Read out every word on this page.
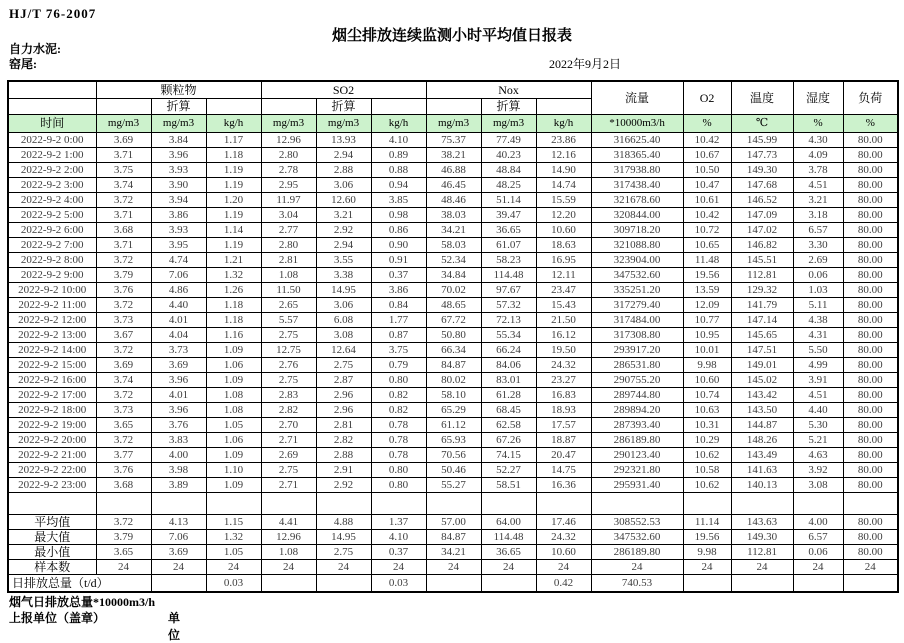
HJ/T 76-2007
烟尘排放连续监测小时平均值日报表
自力水泥:
窑尾:	2022年9月2日
	颗粒物			SO2			Nox			流量	O2	温度	湿度	负荷
		折算			折算			折算						
时间	mg/m3	mg/m3	kg/h	mg/m3	mg/m3	kg/h	mg/m3	mg/m3	kg/h	*10000m3/h	%	℃	%	%
2022-9-2 0:00	3.69	3.84	1.17	12.96	13.93	4.10	75.37	77.49	23.86	316625.40	10.42	145.99	4.30	80.00
2022-9-2 1:00	3.71	3.96	1.18	2.80	2.94	0.89	38.21	40.23	12.16	318365.40	10.67	147.73	4.09	80.00
2022-9-2 2:00	3.75	3.93	1.19	2.78	2.88	0.88	46.88	48.84	14.90	317938.80	10.50	149.30	3.78	80.00
2022-9-2 3:00	3.74	3.90	1.19	2.95	3.06	0.94	46.45	48.25	14.74	317438.40	10.47	147.68	4.51	80.00
2022-9-2 4:00	3.72	3.94	1.20	11.97	12.60	3.85	48.46	51.14	15.59	321678.60	10.61	146.52	3.21	80.00
2022-9-2 5:00	3.71	3.86	1.19	3.04	3.21	0.98	38.03	39.47	12.20	320844.00	10.42	147.09	3.18	80.00
2022-9-2 6:00	3.68	3.93	1.14	2.77	2.92	0.86	34.21	36.65	10.60	309718.20	10.72	147.02	6.57	80.00
2022-9-2 7:00	3.71	3.95	1.19	2.80	2.94	0.90	58.03	61.07	18.63	321088.80	10.65	146.82	3.30	80.00
2022-9-2 8:00	3.72	4.74	1.21	2.81	3.55	0.91	52.34	58.23	16.95	323904.00	11.48	145.51	2.69	80.00
2022-9-2 9:00	3.79	7.06	1.32	1.08	3.38	0.37	34.84	114.48	12.11	347532.60	19.56	112.81	0.06	80.00
2022-9-2 10:00	3.76	4.86	1.26	11.50	14.95	3.86	70.02	97.67	23.47	335251.20	13.59	129.32	1.03	80.00
2022-9-2 11:00	3.72	4.40	1.18	2.65	3.06	0.84	48.65	57.32	15.43	317279.40	12.09	141.79	5.11	80.00
2022-9-2 12:00	3.73	4.01	1.18	5.57	6.08	1.77	67.72	72.13	21.50	317484.00	10.77	147.14	4.38	80.00
2022-9-2 13:00	3.67	4.04	1.16	2.75	3.08	0.87	50.80	55.34	16.12	317308.80	10.95	145.65	4.31	80.00
2022-9-2 14:00	3.72	3.73	1.09	12.75	12.64	3.75	66.34	66.24	19.50	293917.20	10.01	147.51	5.50	80.00
2022-9-2 15:00	3.69	3.69	1.06	2.76	2.75	0.79	84.87	84.06	24.32	286531.80	9.98	149.01	4.99	80.00
2022-9-2 16:00	3.74	3.96	1.09	2.75	2.87	0.80	80.02	83.01	23.27	290755.20	10.60	145.02	3.91	80.00
2022-9-2 17:00	3.72	4.01	1.08	2.83	2.96	0.82	58.10	61.28	16.83	289744.80	10.74	143.42	4.51	80.00
2022-9-2 18:00	3.73	3.96	1.08	2.82	2.96	0.82	65.29	68.45	18.93	289894.20	10.63	143.50	4.40	80.00
2022-9-2 19:00	3.65	3.76	1.05	2.70	2.81	0.78	61.12	62.58	17.57	287393.40	10.31	144.87	5.30	80.00
2022-9-2 20:00	3.72	3.83	1.06	2.71	2.82	0.78	65.93	67.26	18.87	286189.80	10.29	148.26	5.21	80.00
2022-9-2 21:00	3.77	4.00	1.09	2.69	2.88	0.78	70.56	74.15	20.47	290123.40	10.62	143.49	4.63	80.00
2022-9-2 22:00	3.76	3.98	1.10	2.75	2.91	0.80	50.46	52.27	14.75	292321.80	10.58	141.63	3.92	80.00
2022-9-2 23:00	3.68	3.89	1.09	2.71	2.92	0.80	55.27	58.51	16.36	295931.40	10.62	140.13	3.08	80.00

平均值	3.72	4.13	1.15	4.41	4.88	1.37	57.00	64.00	17.46	308552.53	11.14	143.63	4.00	80.00
最大值	3.79	7.06	1.32	12.96	14.95	4.10	84.87	114.48	24.32	347532.60	19.56	149.30	6.57	80.00
最小值	3.65	3.69	1.05	1.08	2.75	0.37	34.21	36.65	10.60	286189.80	9.98	112.81	0.06	80.00
样本数	24	24	24	24	24	24	24	24	24	24	24	24	24	24
日排放总量（t/d）			0.03			0.03			0.42	740.53				
烟气日排放总量*10000m3/h
上报单位（盖章）	单位
